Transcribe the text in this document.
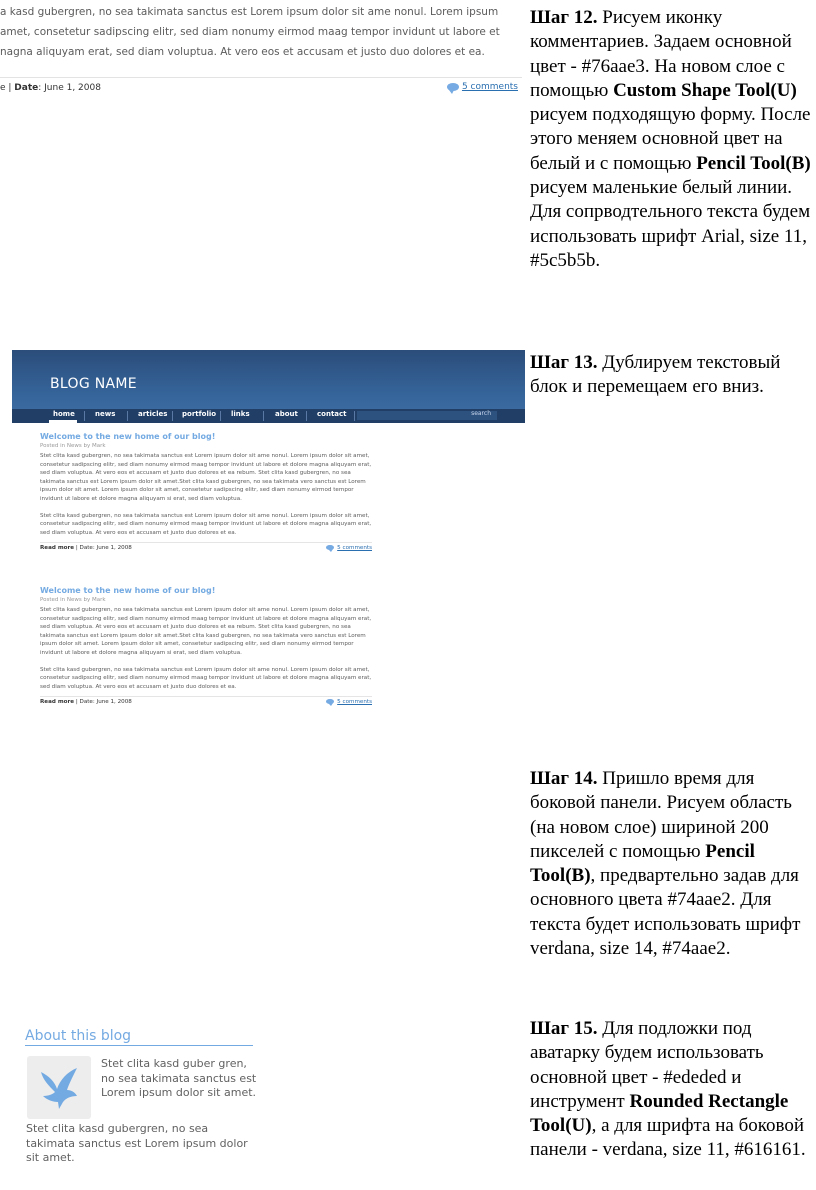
a kasd gubergren, no sea takimata sanctus est Lorem ipsum dolor sit ame nonul. Lorem ipsum
amet, consetetur sadipscing elitr, sed diam nonumy eirmod maag tempor invidunt ut labore et
nagna aliquyam erat, sed diam voluptua. At vero eos et accusam et justo duo dolores et ea.
e | Date: June 1, 2008	5 comments
BLOG NAME
home	news	articles portfolio links	about	contact	search
Welcome to the new home of our blog!
Posted in News by Mark
Stet clita kasd gubergren, no sea takimata sanctus est Lorem ipsum dolor sit ame nonul. Lorem ipsum dolor sit amet, consetetur sadipscing elitr, sed diam nonumy eirmod maag tempor invidunt ut labore et dolore magna aliquyam erat, sed diam voluptua. At vero eos et accusam et justo duo dolores et ea rebum. Stet clita kasd gubergren, no sea takimata sanctus est Lorem ipsum dolor sit amet.Stet clita kasd gubergren, no sea takimata vero sanctus est Lorem ipsum dolor sit amet. Lorem ipsum dolor sit amet, consetetur sadipscing elitr, sed diam nonumy eirmod tempor invidunt ut labore et dolore magna aliquyam si erat, sed diam voluptua.
Stet clita kasd gubergren, no sea takimata sanctus est Lorem ipsum dolor sit ame nonul. Lorem ipsum dolor sit amet, consetetur sadipscing elitr, sed diam nonumy eirmod maag tempor invidunt ut labore et dolore magna aliquyam erat, sed diam voluptua. At vero eos et accusam et justo duo dolores et ea.
Read more | Date: June 1, 2008	5 comments
Welcome to the new home of our blog!
Posted in News by Mark
Stet clita kasd gubergren, no sea takimata sanctus est Lorem ipsum dolor sit ame nonul. Lorem ipsum dolor sit amet, consetetur sadipscing elitr, sed diam nonumy eirmod maag tempor invidunt ut labore et dolore magna aliquyam erat, sed diam voluptua. At vero eos et accusam et justo duo dolores et ea rebum. Stet clita kasd gubergren, no sea takimata sanctus est Lorem ipsum dolor sit amet.Stet clita kasd gubergren, no sea takimata vero sanctus est Lorem ipsum dolor sit amet. Lorem ipsum dolor sit amet, consetetur sadipscing elitr, sed diam nonumy eirmod tempor invidunt ut labore et dolore magna aliquyam si erat, sed diam voluptua.
Stet clita kasd gubergren, no sea takimata sanctus est Lorem ipsum dolor sit ame nonul. Lorem ipsum dolor sit amet, consetetur sadipscing elitr, sed diam nonumy eirmod maag tempor invidunt ut labore et dolore magna aliquyam erat, sed diam voluptua. At vero eos et accusam et justo duo dolores et ea.
Read more | Date: June 1, 2008	5 comments
About this blog
Stet clita kasd guber gren, no sea takimata sanctus est Lorem ipsum dolor sit amet.
Stet clita kasd gubergren, no sea takimata sanctus est Lorem ipsum dolor sit amet.
Шаг 12. Рисуем иконку комментариев. Задаем основной цвет - #76aae3. На новом слое с помощью Custom Shape Tool(U) рисуем подходящую форму. После этого меняем основной цвет на белый и с помощью Pencil Tool(B) рисуем маленькие белый линии. Для сопрводтельного текста будем использовать шрифт Arial, size 11, #5c5b5b.
Шаг 13. Дублируем текстовый блок и перемещаем его вниз.
Шаг 14. Пришло время для боковой панели. Рисуем область (на новом слое) шириной 200 пикселей с помощью Pencil Tool(B), предвартельно задав для основного цвета #74aae2. Для текста будет использовать шрифт verdana, size 14, #74aae2.
Шаг 15. Для подложки под аватарку будем использовать основной цвет - #ededed и инструмент Rounded Rectangle Tool(U), а для шрифта на боковой панели - verdana, size 11, #616161.
